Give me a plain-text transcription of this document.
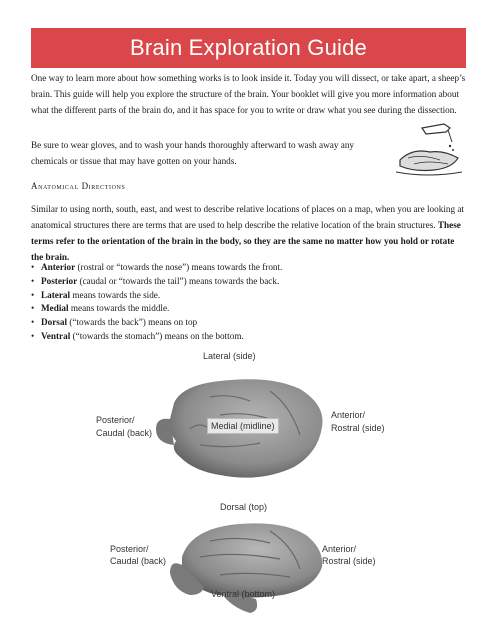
Brain Exploration Guide

One way to learn more about how something works is to look inside it. Today you will dissect, or take apart, a sheep’s brain. This guide will help you explore the structure of the brain. Your booklet will give you more information about what the different parts of the brain do, and it has space for you to write or draw what you see during the dissection.

Be sure to wear gloves, and to wash your hands thoroughly afterward to wash away any chemicals or tissue that may have gotten on your hands.

Anatomical Directions

Similar to using north, south, east, and west to describe relative locations of places on a map, when you are looking at anatomical structures there are terms that are used to help describe the relative location of the brain structures. These terms refer to the orientation of the brain in the body, so they are the same no matter how you hold or rotate the brain.

• Anterior (rostral or “towards the nose”) means towards the front.
• Posterior (caudal or “towards the tail”) means towards the back.
• Lateral means towards the side.
• Medial means towards the middle.
• Dorsal (“towards the back”) means on top
• Ventral (“towards the stomach”) means on the bottom.
Lateral (side)
Posterior/
Caudal (back)
Anterior/
Rostral (side)
Medial (midline)
Dorsal (top)
Posterior/
Caudal (back)
Anterior/
Rostral (side)
Ventral (bottom)
